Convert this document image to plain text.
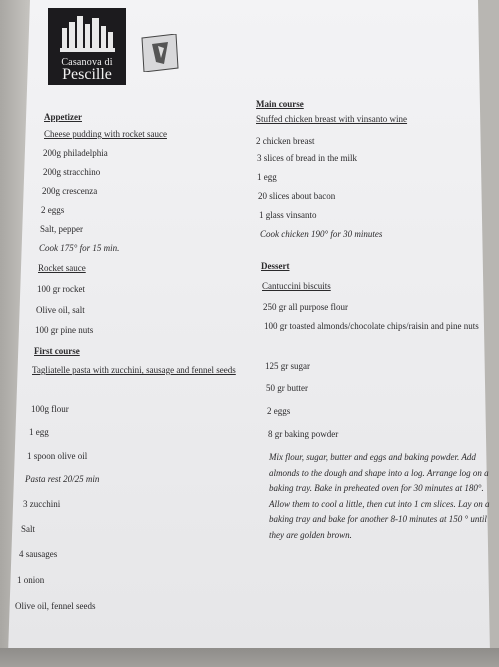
Casanova di
Pescille
Appetizer
Cheese pudding with rocket sauce
200g philadelphia
200g stracchino
200g crescenza
2 eggs
Salt, pepper
Cook 175° for 15 min.
Rocket sauce
100 gr rocket
Olive oil, salt
100 gr pine nuts
First course
Tagliatelle pasta with zucchini, sausage and fennel seeds
100g flour
1 egg
1 spoon olive oil
Pasta rest 20/25 min
3 zucchini
Salt
4 sausages
1 onion
Olive oil, fennel seeds
Main course
Stuffed chicken breast with vinsanto wine
2 chicken breast
3 slices of bread in the milk
1 egg
20 slices about bacon
1 glass vinsanto
Cook chicken 190° for 30 minutes
Dessert
Cantuccini biscuits
250 gr all purpose flour
100 gr toasted almonds/chocolate chips/raisin and pine nuts
125 gr sugar
50 gr butter
2 eggs
8 gr baking powder
Mix flour, sugar, butter and eggs and baking powder. Add almonds to the dough and shape into a log. Arrange log on a baking tray. Bake in preheated oven for 30 minutes at 180°. Allow them to cool a little, then cut into 1 cm slices. Lay on a baking tray and bake for another 8-10 minutes at 150 ° until they are golden brown.
